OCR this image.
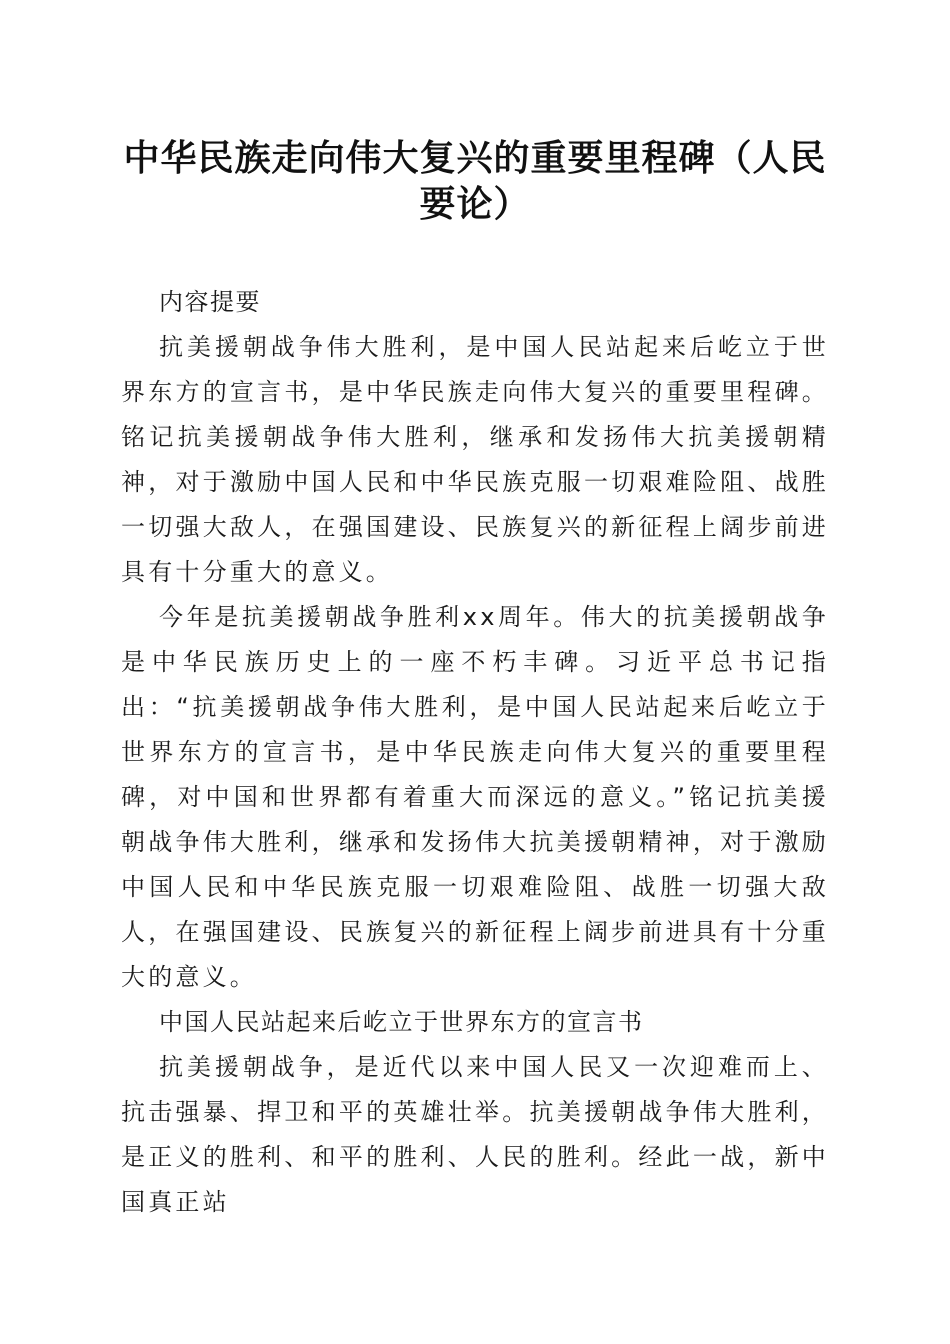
中华民族走向伟大复兴的重要里程碑（人民要论）

内容提要

抗美援朝战争伟大胜利，是中国人民站起来后屹立于世界东方的宣言书，是中华民族走向伟大复兴的重要里程碑。铭记抗美援朝战争伟大胜利，继承和发扬伟大抗美援朝精神，对于激励中国人民和中华民族克服一切艰难险阻、战胜一切强大敌人，在强国建设、民族复兴的新征程上阔步前进具有十分重大的意义。

今年是抗美援朝战争胜利xx周年。伟大的抗美援朝战争是中华民族历史上的一座不朽丰碑。习近平总书记指出：“抗美援朝战争伟大胜利，是中国人民站起来后屹立于世界东方的宣言书，是中华民族走向伟大复兴的重要里程碑，对中国和世界都有着重大而深远的意义。”铭记抗美援朝战争伟大胜利，继承和发扬伟大抗美援朝精神，对于激励中国人民和中华民族克服一切艰难险阻、战胜一切强大敌人，在强国建设、民族复兴的新征程上阔步前进具有十分重大的意义。

中国人民站起来后屹立于世界东方的宣言书

抗美援朝战争，是近代以来中国人民又一次迎难而上、抗击强暴、捍卫和平的英雄壮举。抗美援朝战争伟大胜利，是正义的胜利、和平的胜利、人民的胜利。经此一战，新中国真正站
